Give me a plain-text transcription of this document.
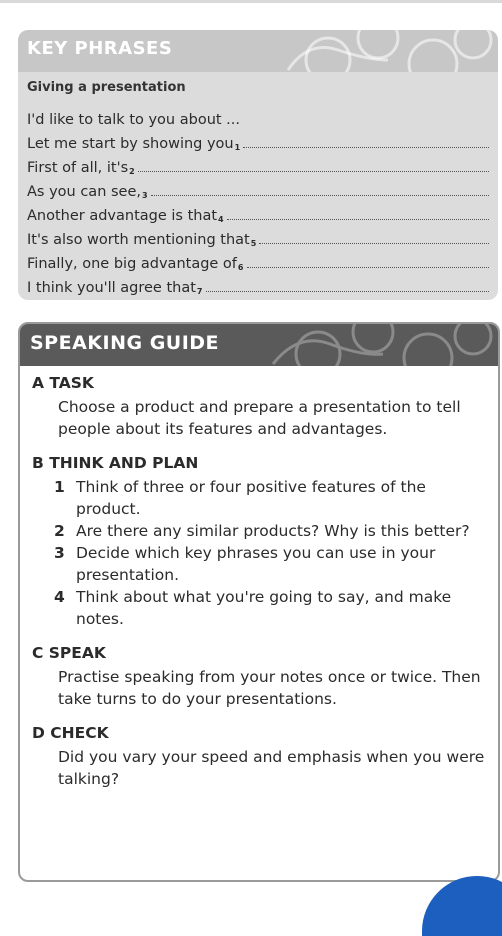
KEY PHRASES
Giving a presentation
I'd like to talk to you about ...
Let me start by showing you$_1$
First of all, $it's_2$
As you can $see,_3$
Another advantage is that$_4$
It's also worth mentioning that$_5$
Finally, one big advantage $of_6$
I think you'll agree that$_7$
SPEAKING GUIDE
A TASK
Choose a product and prepare a presentation to tell people about its features and advantages.
B THINK AND PLAN
1 Think of three or four positive features of the product.
2 Are there any similar products? Why is this better?
3 Decide which key phrases you can use in your presentation.
4 Think about what you're going to say, and make notes.
C SPEAK
Practise speaking from your notes once or twice. Then take turns to do your presentations.
D CHECK
Did you vary your speed and emphasis when you were talking?
